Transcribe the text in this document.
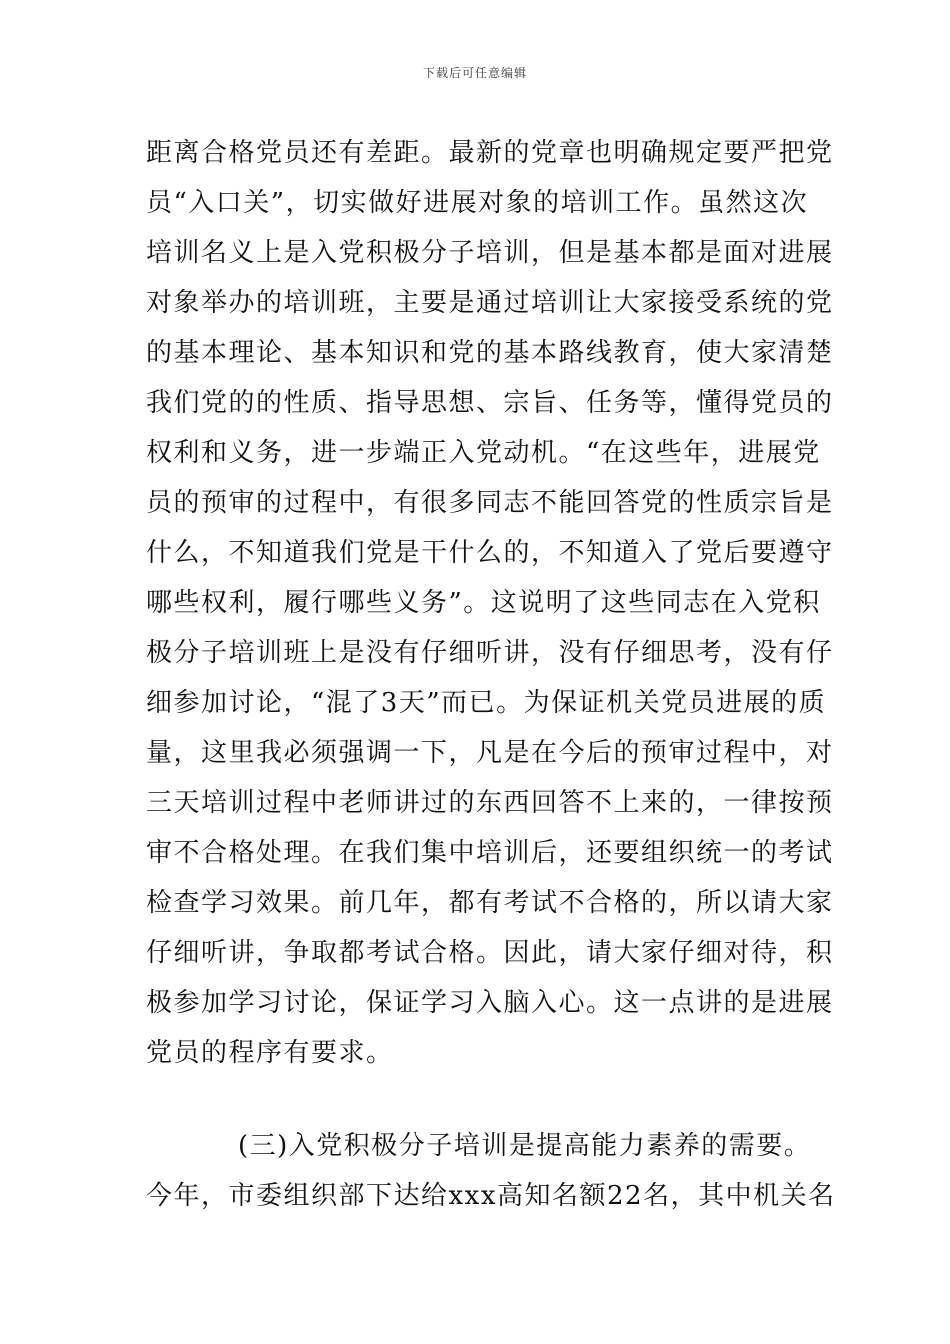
下载后可任意编辑
距离合格党员还有差距。最新的党章也明确规定要严把党
员“入口关”，切实做好进展对象的培训工作。虽然这次
培训名义上是入党积极分子培训，但是基本都是面对进展
对象举办的培训班，主要是通过培训让大家接受系统的党
的基本理论、基本知识和党的基本路线教育，使大家清楚
我们党的的性质、指导思想、宗旨、任务等，懂得党员的
权利和义务，进一步端正入党动机。“在这些年，进展党
员的预审的过程中，有很多同志不能回答党的性质宗旨是
什么，不知道我们党是干什么的，不知道入了党后要遵守
哪些权利，履行哪些义务”。这说明了这些同志在入党积
极分子培训班上是没有仔细听讲，没有仔细思考，没有仔
细参加讨论，“混了3天”而已。为保证机关党员进展的质
量，这里我必须强调一下，凡是在今后的预审过程中，对
三天培训过程中老师讲过的东西回答不上来的，一律按预
审不合格处理。在我们集中培训后，还要组织统一的考试
检查学习效果。前几年，都有考试不合格的，所以请大家
仔细听讲，争取都考试合格。因此，请大家仔细对待，积
极参加学习讨论，保证学习入脑入心。这一点讲的是进展
党员的程序有要求。
(三)入党积极分子培训是提高能力素养的需要。
今年，市委组织部下达给xxx高知名额22名，其中机关名
